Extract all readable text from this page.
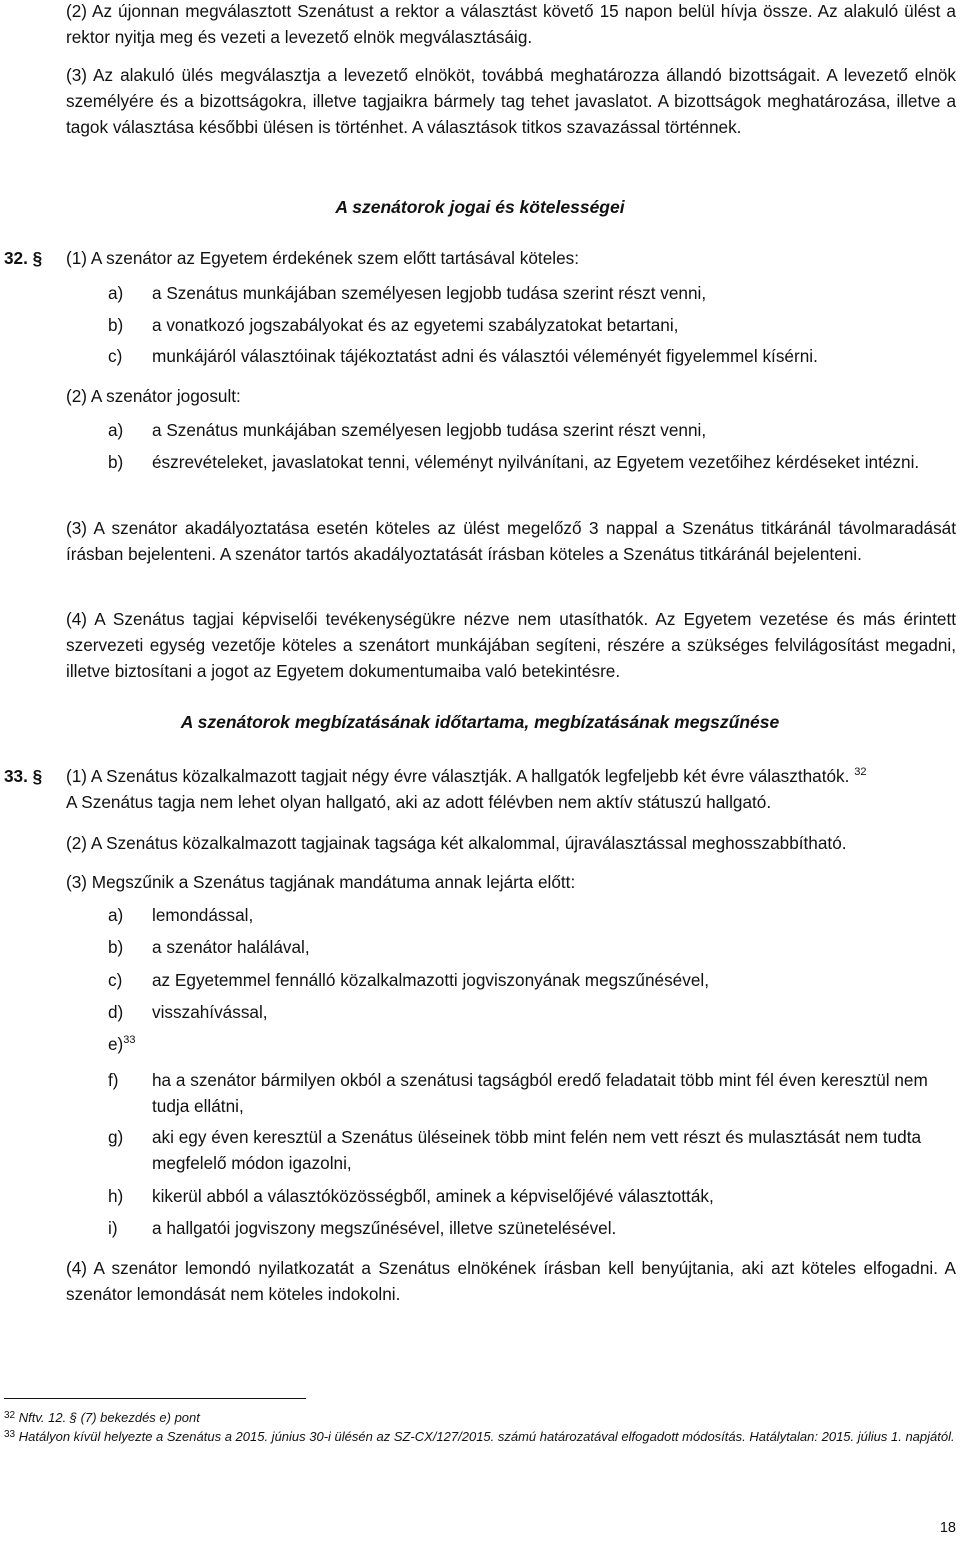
(2) Az újonnan megválasztott Szenátust a rektor a választást követő 15 napon belül hívja össze. Az alakuló ülést a rektor nyitja meg és vezeti a levezető elnök megválasztásáig.

(3) Az alakuló ülés megválasztja a levezető elnököt, továbbá meghatározza állandó bizottságait. A levezető elnök személyére és a bizottságokra, illetve tagjaikra bármely tag tehet javaslatot. A bizottságok meghatározása, illetve a tagok választása későbbi ülésen is történhet. A választások titkos szavazással történnek.

A szenátorok jogai és kötelességei

32. § (1) A szenátor az Egyetem érdekének szem előtt tartásával köteles:

a) a Szenátus munkájában személyesen legjobb tudása szerint részt venni,

b) a vonatkozó jogszabályokat és az egyetemi szabályzatokat betartani,

c) munkájáról választóinak tájékoztatást adni és választói véleményét figyelemmel kísérni.

(2) A szenátor jogosult:

a) a Szenátus munkájában személyesen legjobb tudása szerint részt venni,

b) észrevételeket, javaslatokat tenni, véleményt nyilvánítani, az Egyetem vezetőihez kérdéseket intézni.

(3) A szenátor akadályoztatása esetén köteles az ülést megelőző 3 nappal a Szenátus titkáránál távolmaradását írásban bejelenteni. A szenátor tartós akadályoztatását írásban köteles a Szenátus titkáránál bejelenteni.

(4) A Szenátus tagjai képviselői tevékenységükre nézve nem utasíthatók. Az Egyetem vezetése és más érintett szervezeti egység vezetője köteles a szenátort munkájában segíteni, részére a szükséges felvilágosítást megadni, illetve biztosítani a jogot az Egyetem dokumentumaiba való betekintésre.

A szenátorok megbízatásának időtartama, megbízatásának megszűnése

33. § (1) A Szenátus közalkalmazott tagjait négy évre választják. A hallgatók legfeljebb két évre választhatók. $^{32}$

A Szenátus tagja nem lehet olyan hallgató, aki az adott félévben nem aktív státuszú hallgató.

(2) A Szenátus közalkalmazott tagjainak tagsága két alkalommal, újraválasztással meghosszabbítható.

(3) Megszűnik a Szenátus tagjának mandátuma annak lejárta előtt:

a) lemondással,

b) a szenátor halálával,

c) az Egyetemmel fennálló közalkalmazotti jogviszonyának megszűnésével,

d) visszahívással,

e)$^{33}$
f) ha a szenátor bármilyen okból a szenátusi tagságból eredő feladatait több mint fél éven keresztül nem tudja ellátni,

g) aki egy éven keresztül a Szenátus üléseinek több mint felén nem vett részt és mulasztását nem tudta megfelelő módon igazolni,

h) kikerül abból a választóközösségből, aminek a képviselőjévé választották,

i) a hallgatói jogviszony megszűnésével, illetve szünetelésével.

(4) A szenátor lemondó nyilatkozatát a Szenátus elnökének írásban kell benyújtania, aki azt köteles elfogadni. A szenátor lemondását nem köteles indokolni.

$^{32}$ Nftv. 12. § (7) bekezdés e) pont

$^{33}$ Hatályon kívül helyezte a Szenátus a 2015. június 30-i ülésén az SZ-CX/127/2015. számú határozatával elfogadott módosítás. Hatálytalan: 2015. július 1. napjától.

18
